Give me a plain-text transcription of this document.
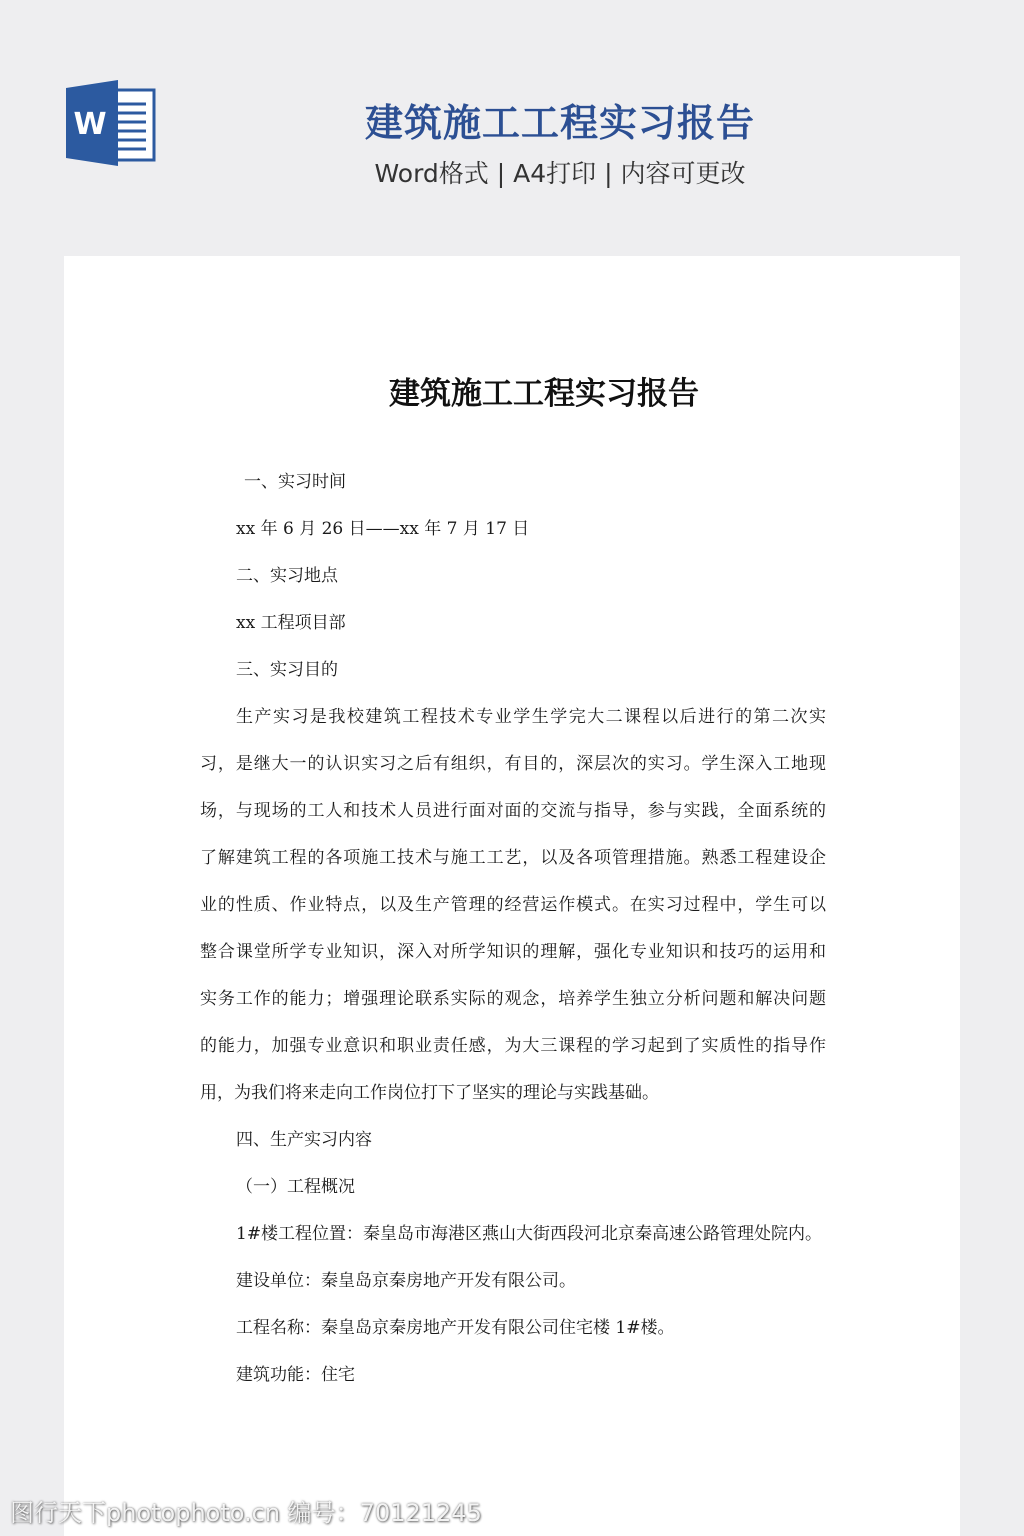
W	建筑施工工程实习报告
Word格式 | A4打印 | 内容可更改
建筑施工工程实习报告
一、实习时间
xx 年 6 月 26 日——xx 年 7 月 17 日
二、实习地点
xx 工程项目部
三、实习目的
生产实习是我校建筑工程技术专业学生学完大二课程以后进行的第二次实
习，是继大一的认识实习之后有组织，有目的，深层次的实习。学生深入工地现
场，与现场的工人和技术人员进行面对面的交流与指导，参与实践，全面系统的
了解建筑工程的各项施工技术与施工工艺，以及各项管理措施。熟悉工程建设企
业的性质、作业特点，以及生产管理的经营运作模式。在实习过程中，学生可以
整合课堂所学专业知识，深入对所学知识的理解，强化专业知识和技巧的运用和
实务工作的能力；增强理论联系实际的观念，培养学生独立分析问题和解决问题
的能力，加强专业意识和职业责任感，为大三课程的学习起到了实质性的指导作
用，为我们将来走向工作岗位打下了坚实的理论与实践基础。
四、生产实习内容
（一）工程概况
1#楼工程位置：秦皇岛市海港区燕山大街西段河北京秦高速公路管理处院内。
建设单位：秦皇岛京秦房地产开发有限公司。
工程名称：秦皇岛京秦房地产开发有限公司住宅楼 1#楼。
建筑功能：住宅
图行天下photophoto.cn 编号：70121245
